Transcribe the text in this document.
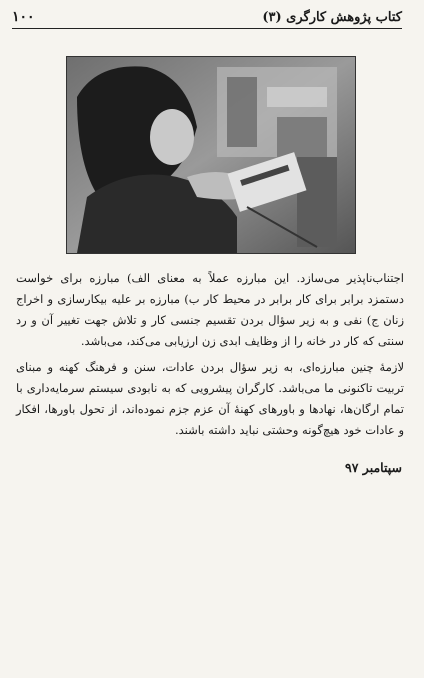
کتاب پژوهش کارگری (۳)
۱۰۰

اجتناب‌ناپذیر می‌سازد. این مبارزه عملاً به معنای الف) مبارزه برای خواست دستمزد برابر برای کار برابر در محیط کار ب) مبارزه بر علیه بیکارسازی و اخراج زنان ج) نفی و به زیر سؤال بردن تقسیم جنسی کار و تلاش جهت تغییر آن و رد سنتی که کار در خانه را از وظایف ابدی زن ارزیابی می‌کند، می‌باشد.

لازمهٔ چنین مبارزه‌ای، به زیر سؤال بردن عادات، سنن و فرهنگ کهنه و مبنای تربیت تاکنونی ما می‌باشد. کارگران پیشرویی که به نابودی سیستم سرمایه‌داری با تمام ارگان‌ها، نهادها و باورهای کهنهٔ آن عزم جزم نموده‌اند، از تحول باورها، افکار و عادات خود هیچ‌گونه وحشتی نباید داشته باشند.

سپتامبر ۹۷
